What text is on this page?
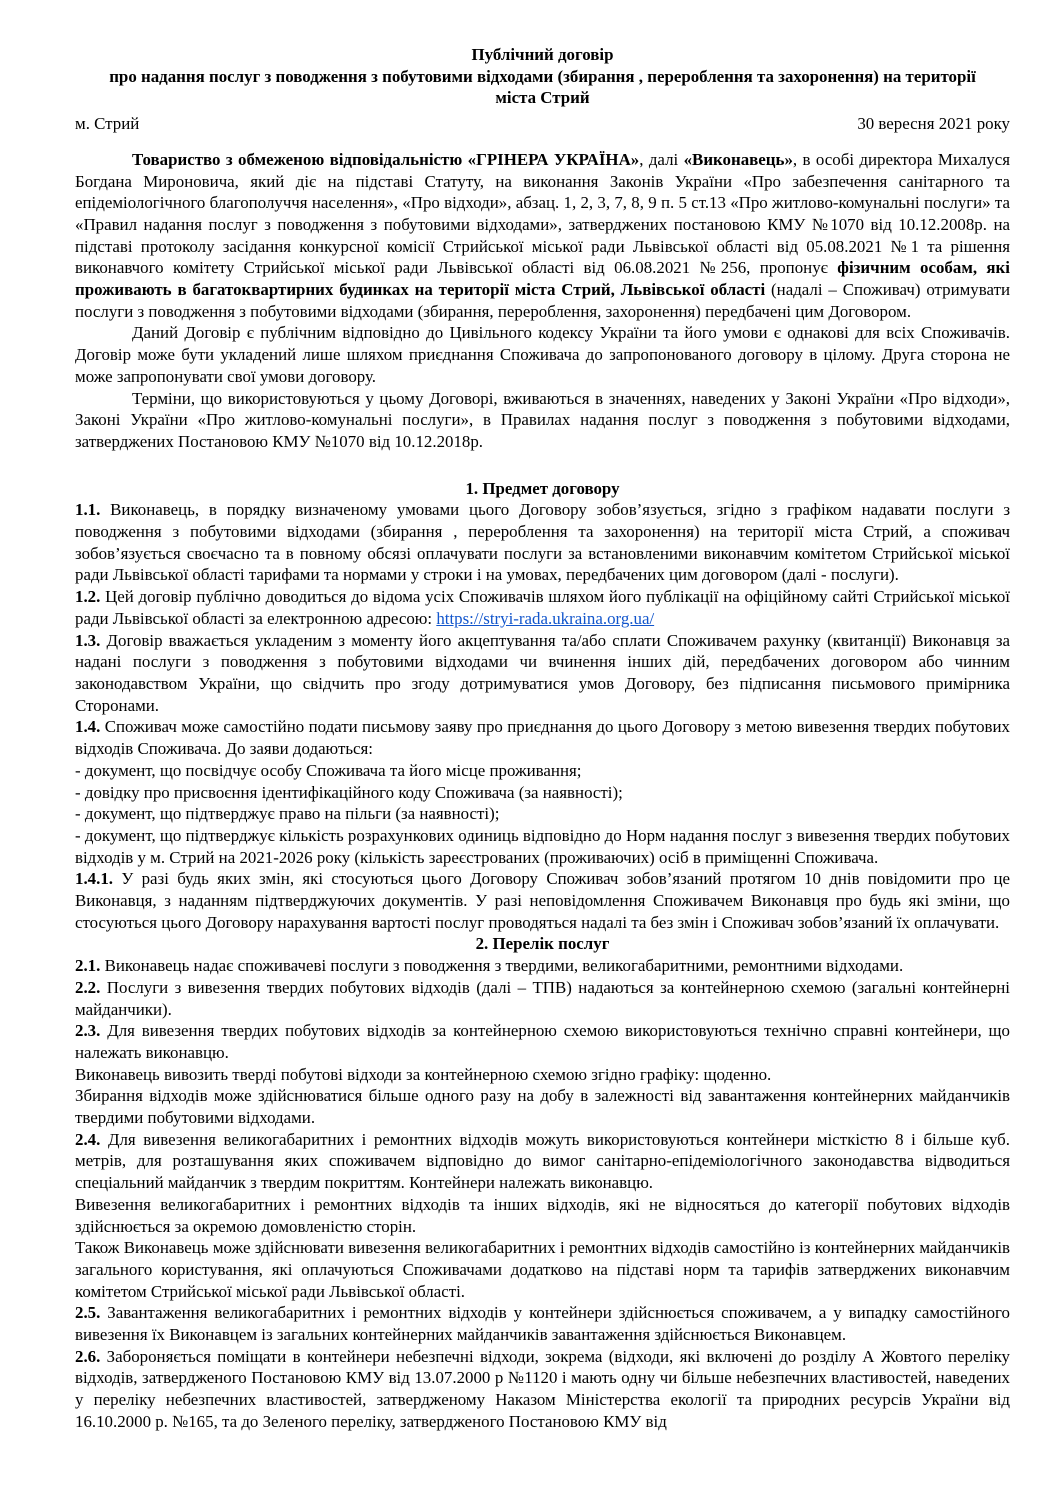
Публічний договір
про надання послуг з поводження з побутовими відходами (збирання , перероблення та захоронення) на території
міста Стрий
м. Стрий	30 вересня 2021 року
Товариство з обмеженою відповідальністю «ГРІНЕРА УКРАЇНА», далі «Виконавець», в особі директора Михалуся Богдана Мироновича, який діє на підставі Статуту, на виконання Законів України «Про забезпечення санітарного та епідеміологічного благополуччя населення», «Про відходи», абзац. 1, 2, 3, 7, 8, 9 п. 5 ст.13 «Про житлово-комунальні послуги» та «Правил надання послуг з поводження з побутовими відходами», затверджених постановою КМУ №1070 від 10.12.2008р. на підставі протоколу засідання конкурсної комісії Стрийської міської ради Львівської області від 05.08.2021 №1 та рішення виконавчого комітету Стрийської міської ради Львівської області від 06.08.2021 №256, пропонує фізичним особам, які проживають в багатоквартирних будинках на території міста Стрий, Львівської області (надалі – Споживач) отримувати послуги з поводження з побутовими відходами (збирання, перероблення, захоронення) передбачені цим Договором.
Даний Договір є публічним відповідно до Цивільного кодексу України та його умови є однакові для всіх Споживачів. Договір може бути укладений лише шляхом приєднання Споживача до запропонованого договору в цілому. Друга сторона не може запропонувати свої умови договору.
Терміни, що використовуються у цьому Договорі, вживаються в значеннях, наведених у Законі України «Про відходи», Законі України «Про житлово-комунальні послуги», в Правилах надання послуг з поводження з побутовими відходами, затверджених Постановою КМУ №1070 від 10.12.2018р.
1. Предмет договору
1.1. Виконавець, в порядку визначеному умовами цього Договору зобов’язується, згідно з графіком надавати послуги з поводження з побутовими відходами (збирання , перероблення та захоронення) на території міста Стрий, а споживач зобов’язується своєчасно та в повному обсязі оплачувати послуги за встановленими виконавчим комітетом Стрийської міської ради Львівської області тарифами та нормами у строки і на умовах, передбачених цим договором (далі - послуги).
1.2. Цей договір публічно доводиться до відома усіх Споживачів шляхом його публікації на офіційному сайті Стрийської міської ради Львівської області за електронною адресою: https://stryi-rada.ukraina.org.ua/
1.3. Договір вважається укладеним з моменту його акцептування та/або сплати Споживачем рахунку (квитанції) Виконавця за надані послуги з поводження з побутовими відходами чи вчинення інших дій, передбачених договором або чинним законодавством України, що свідчить про згоду дотримуватися умов Договору, без підписання письмового примірника Сторонами.
1.4. Споживач може самостійно подати письмову заяву про приєднання до цього Договору з метою вивезення твердих побутових відходів Споживача. До заяви додаються:
- документ, що посвідчує особу Споживача та його місце проживання;
- довідку про присвоєння ідентифікаційного коду Споживача (за наявності);
- документ, що підтверджує право на пільги (за наявності);
- документ, що підтверджує кількість розрахункових одиниць відповідно до Норм надання послуг з вивезення твердих побутових відходів у м. Стрий на 2021-2026 року (кількість зареєстрованих (проживаючих) осіб в приміщенні Споживача.
1.4.1. У разі будь яких змін, які стосуються цього Договору Споживач зобов’язаний протягом 10 днів повідомити про це Виконавця, з наданням підтверджуючих документів. У разі неповідомлення Споживачем Виконавця про будь які зміни, що стосуються цього Договору нарахування вартості послуг проводяться надалі та без змін і Споживач зобов’язаний їх оплачувати.
2. Перелік послуг
2.1. Виконавець надає споживачеві послуги з поводження з твердими, великогабаритними, ремонтними відходами.
2.2. Послуги з вивезення твердих побутових відходів (далі – ТПВ) надаються за контейнерною схемою (загальні контейнерні майданчики).
2.3. Для вивезення твердих побутових відходів за контейнерною схемою використовуються технічно справні контейнери, що належать виконавцю.
Виконавець вивозить тверді побутові відходи за контейнерною схемою згідно графіку: щоденно.
Збирання відходів може здійснюватися більше одного разу на добу в залежності від завантаження контейнерних майданчиків твердими побутовими відходами.
2.4. Для вивезення великогабаритних і ремонтних відходів можуть використовуються контейнери місткістю 8 і більше куб. метрів, для розташування яких споживачем відповідно до вимог санітарно-епідеміологічного законодавства відводиться спеціальний майданчик з твердим покриттям. Контейнери належать виконавцю.
Вивезення великогабаритних і ремонтних відходів та інших відходів, які не відносяться до категорії побутових відходів здійснюється за окремою домовленістю сторін.
Також Виконавець може здійснювати вивезення великогабаритних і ремонтних відходів самостійно із контейнерних майданчиків загального користування, які оплачуються Споживачами додатково на підставі норм та тарифів затверджених виконавчим комітетом Стрийської міської ради Львівської області.
2.5. Завантаження великогабаритних і ремонтних відходів у контейнери здійснюється споживачем, а у випадку самостійного вивезення їх Виконавцем із загальних контейнерних майданчиків завантаження здійснюється Виконавцем.
2.6. Забороняється поміщати в контейнери небезпечні відходи, зокрема (відходи, які включені до розділу А Жовтого переліку відходів, затвердженого Постановою КМУ від 13.07.2000 р №1120 і мають одну чи більше небезпечних властивостей, наведених у переліку небезпечних властивостей, затвердженому Наказом Міністерства екології та природних ресурсів України від 16.10.2000 р. №165, та до Зеленого переліку, затвердженого Постановою КМУ від
